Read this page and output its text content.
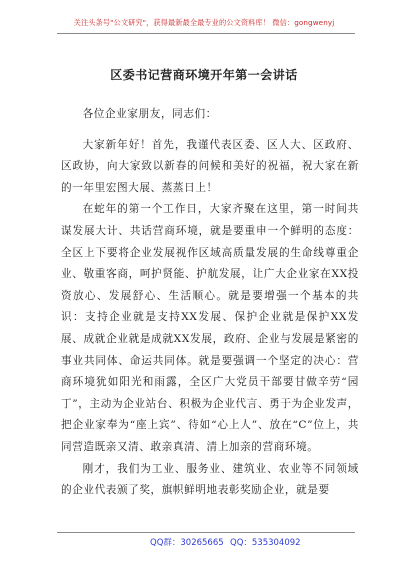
关注头条号"公文研究"，获得最新最全最专业的公文资料库！ 微信：gongwenyj
区委书记营商环境开年第一会讲话

各位企业家朋友，同志们：

大家新年好！首先，我谨代表区委、区人大、区政府、区政协，向大家致以新春的问候和美好的祝福，祝大家在新的一年里宏图大展、蒸蒸日上！

在蛇年的第一个工作日，大家齐聚在这里，第一时间共谋发展大计、共话营商环境，就是要重申一个鲜明的态度：全区上下要将企业发展视作区域高质量发展的生命线尊重企业、敬重客商，呵护贤能、护航发展，让广大企业家在XX投资放心、发展舒心、生活顺心。就是要增强一个基本的共识：支持企业就是支持XX发展、保护企业就是保护XX发展、成就企业就是成就XX发展，政府、企业与发展是紧密的事业共同体、命运共同体。就是要强调一个坚定的决心：营商环境犹如阳光和雨露，全区广大党员干部要甘做辛劳“园丁”，主动为企业站台、积极为企业代言、勇于为企业发声，把企业家奉为“座上宾”、待如“心上人”、放在“C”位上，共同营造既亲又清、敢亲真清、清上加亲的营商环境。

刚才，我们为工业、服务业、建筑业、农业等不同领域的企业代表颁了奖，旗帜鲜明地表彰奖励企业，就是要

QQ群：30265665 QQ：535304092
